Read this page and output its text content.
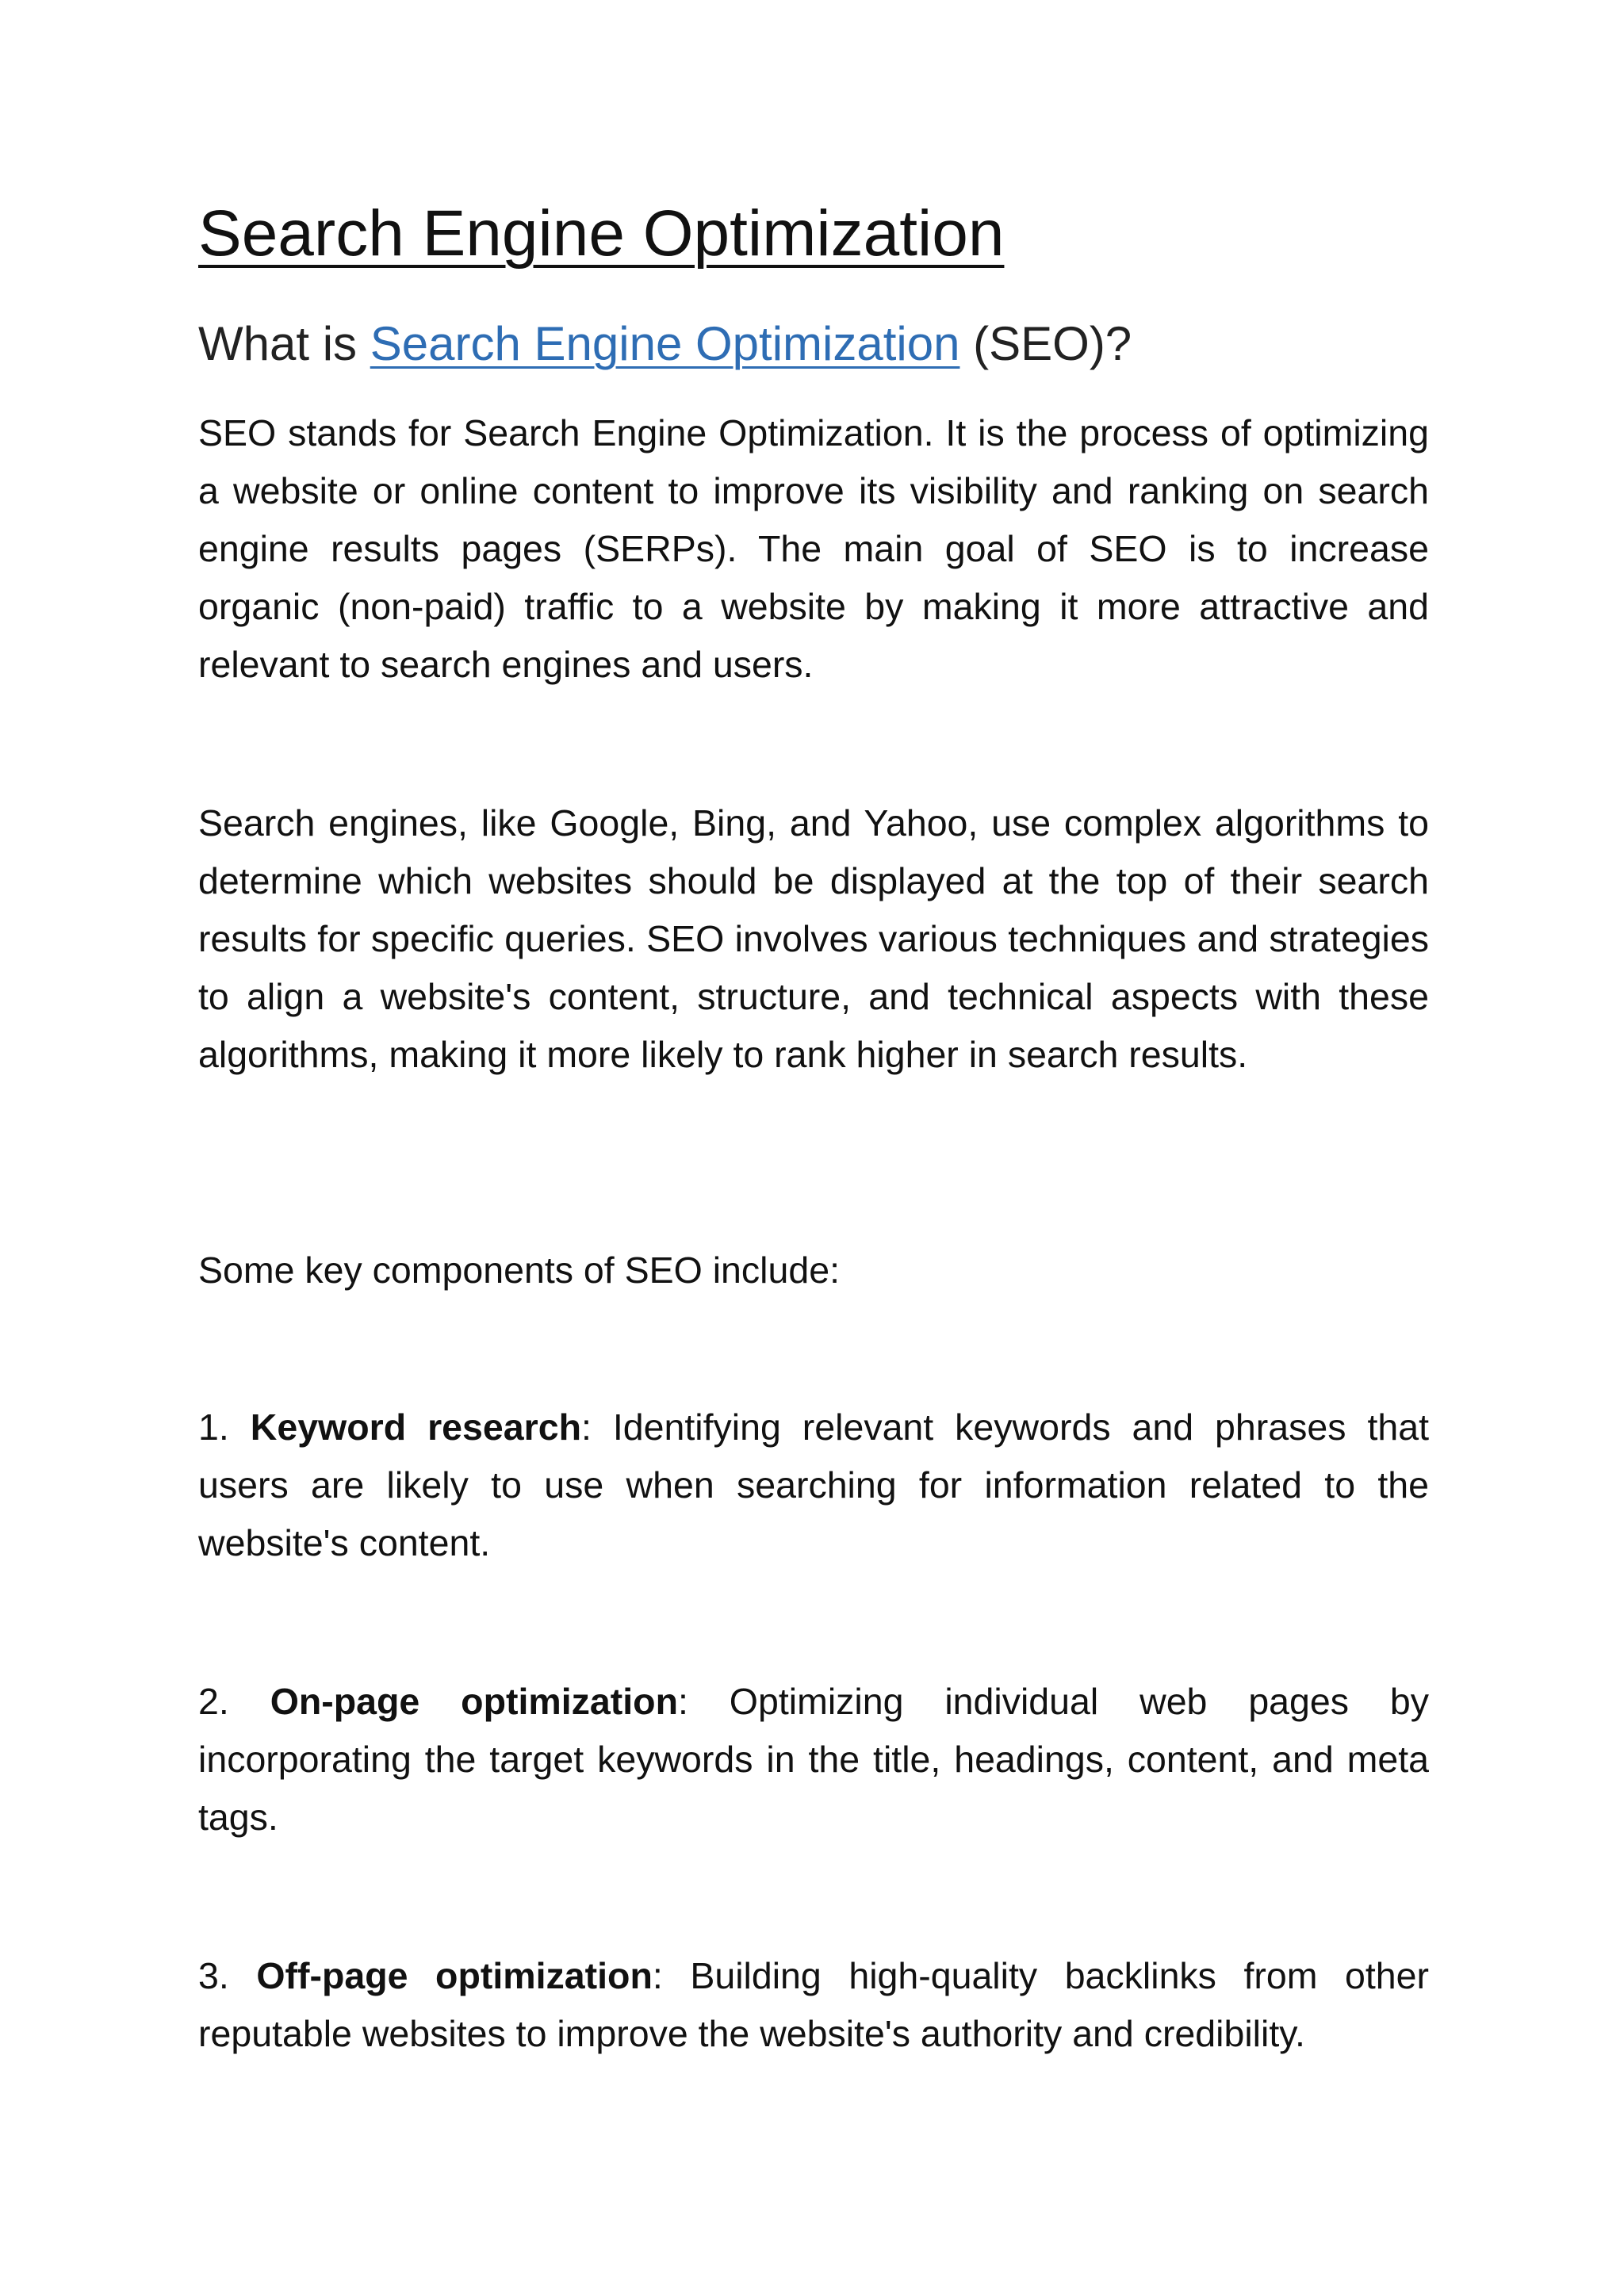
Search Engine Optimization
What is Search Engine Optimization (SEO)?

SEO stands for Search Engine Optimization. It is the process of optimizing a website or online content to improve its visibility and ranking on search engine results pages (SERPs). The main goal of SEO is to increase organic (non-paid) traffic to a website by making it more attractive and relevant to search engines and users.

Search engines, like Google, Bing, and Yahoo, use complex algorithms to determine which websites should be displayed at the top of their search results for specific queries. SEO involves various techniques and strategies to align a website's content, structure, and technical aspects with these algorithms, making it more likely to rank higher in search results.

Some key components of SEO include:

1. Keyword research: Identifying relevant keywords and phrases that users are likely to use when searching for information related to the website's content.

2. On-page optimization: Optimizing individual web pages by incorporating the target keywords in the title, headings, content, and meta tags.

3. Off-page optimization: Building high-quality backlinks from other reputable websites to improve the website's authority and credibility.
